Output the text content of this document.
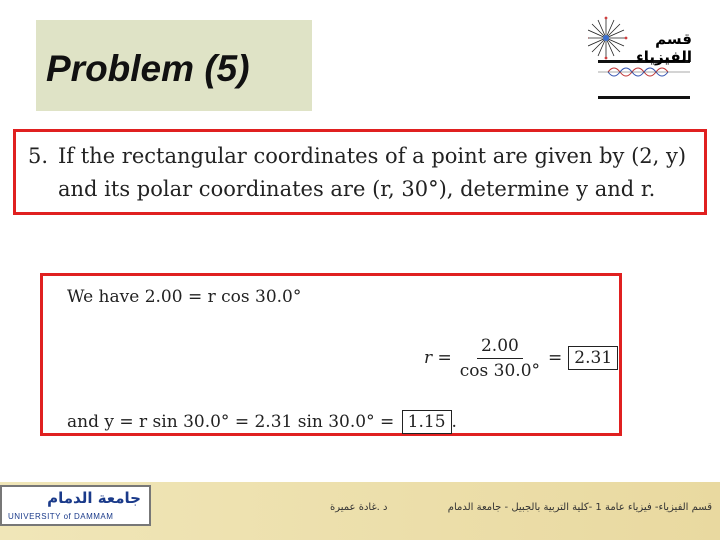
Problem (5)
قسم الفيزياء
5. If the rectangular coordinates of a point are given by (2, y)
and its polar coordinates are (r, 30°), determine y and r.
We have 2.00 = r cos 30.0°
$r = \frac{2.00}{\cos 30.0^\circ} = 2.31$
and y = r sin 30.0° = 2.31 sin 30.0° = 1.15 .
جامعة الدمام
UNIVERSITY of DAMMAM
د .غادة عميرة	قسم الفيزياء- فيزياء عامة 1 -كلية التربية بالجبيل - جامعة الدمام
